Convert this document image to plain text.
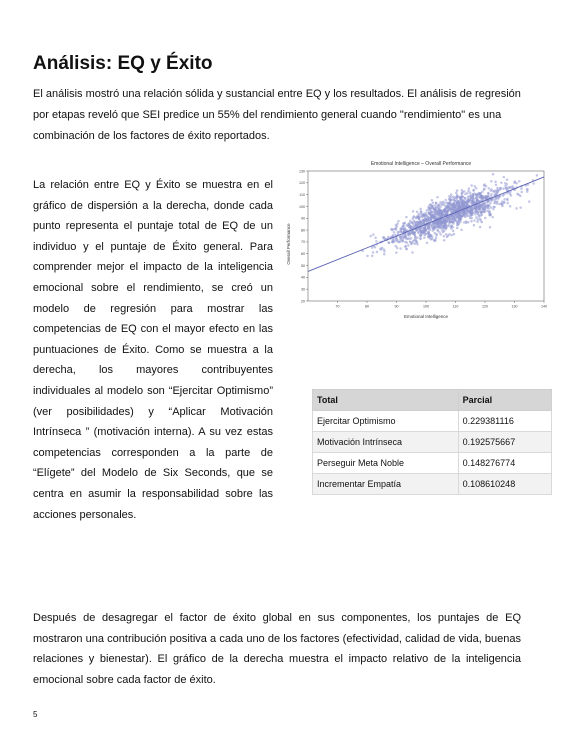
Análisis: EQ y Éxito

El análisis mostró una relación sólida y sustancial entre EQ y los resultados. El análisis de regresión por etapas reveló que SEI predice un 55% del rendimiento general cuando "rendimiento" es una combinación de los factores de éxito reportados.

La relación entre EQ y Éxito se muestra en el gráfico de dispersión a la derecha, donde cada punto representa el puntaje total de EQ de un individuo y el puntaje de Éxito general. Para comprender mejor el impacto de la inteligencia emocional sobre el rendimiento, se creó un modelo de regresión para mostrar las competencias de EQ con el mayor efecto en las puntuaciones de Éxito. Como se muestra a la derecha, los mayores contribuyentes individuales al modelo son “Ejercitar Optimismo” (ver posibilidades) y “Aplicar Motivación Intrínseca ” (motivación interna). A su vez estas competencias corresponden a la parte de “Elígete” del Modelo de Six Seconds, que se centra en asumir la responsabilidad sobre las acciones personales.

Emotional Intelligence – Overall Performance
Overall Performance
Emotional Intelligence
20
30
40
50
60
70
80
90
100
110
120
130
70	80	90	100	110	120	130	140
Total	Parcial
Ejercitar Optimismo	0.229381116
Motivación Intrínseca	0.192575667
Perseguir Meta Noble	0.148276774
Incrementar Empatía	0.108610248

Después de desagregar el factor de éxito global en sus componentes, los puntajes de EQ mostraron una contribución positiva a cada uno de los factores (efectividad, calidad de vida, buenas relaciones y bienestar). El gráfico de la derecha muestra el impacto relativo de la inteligencia emocional sobre cada factor de éxito.

5
